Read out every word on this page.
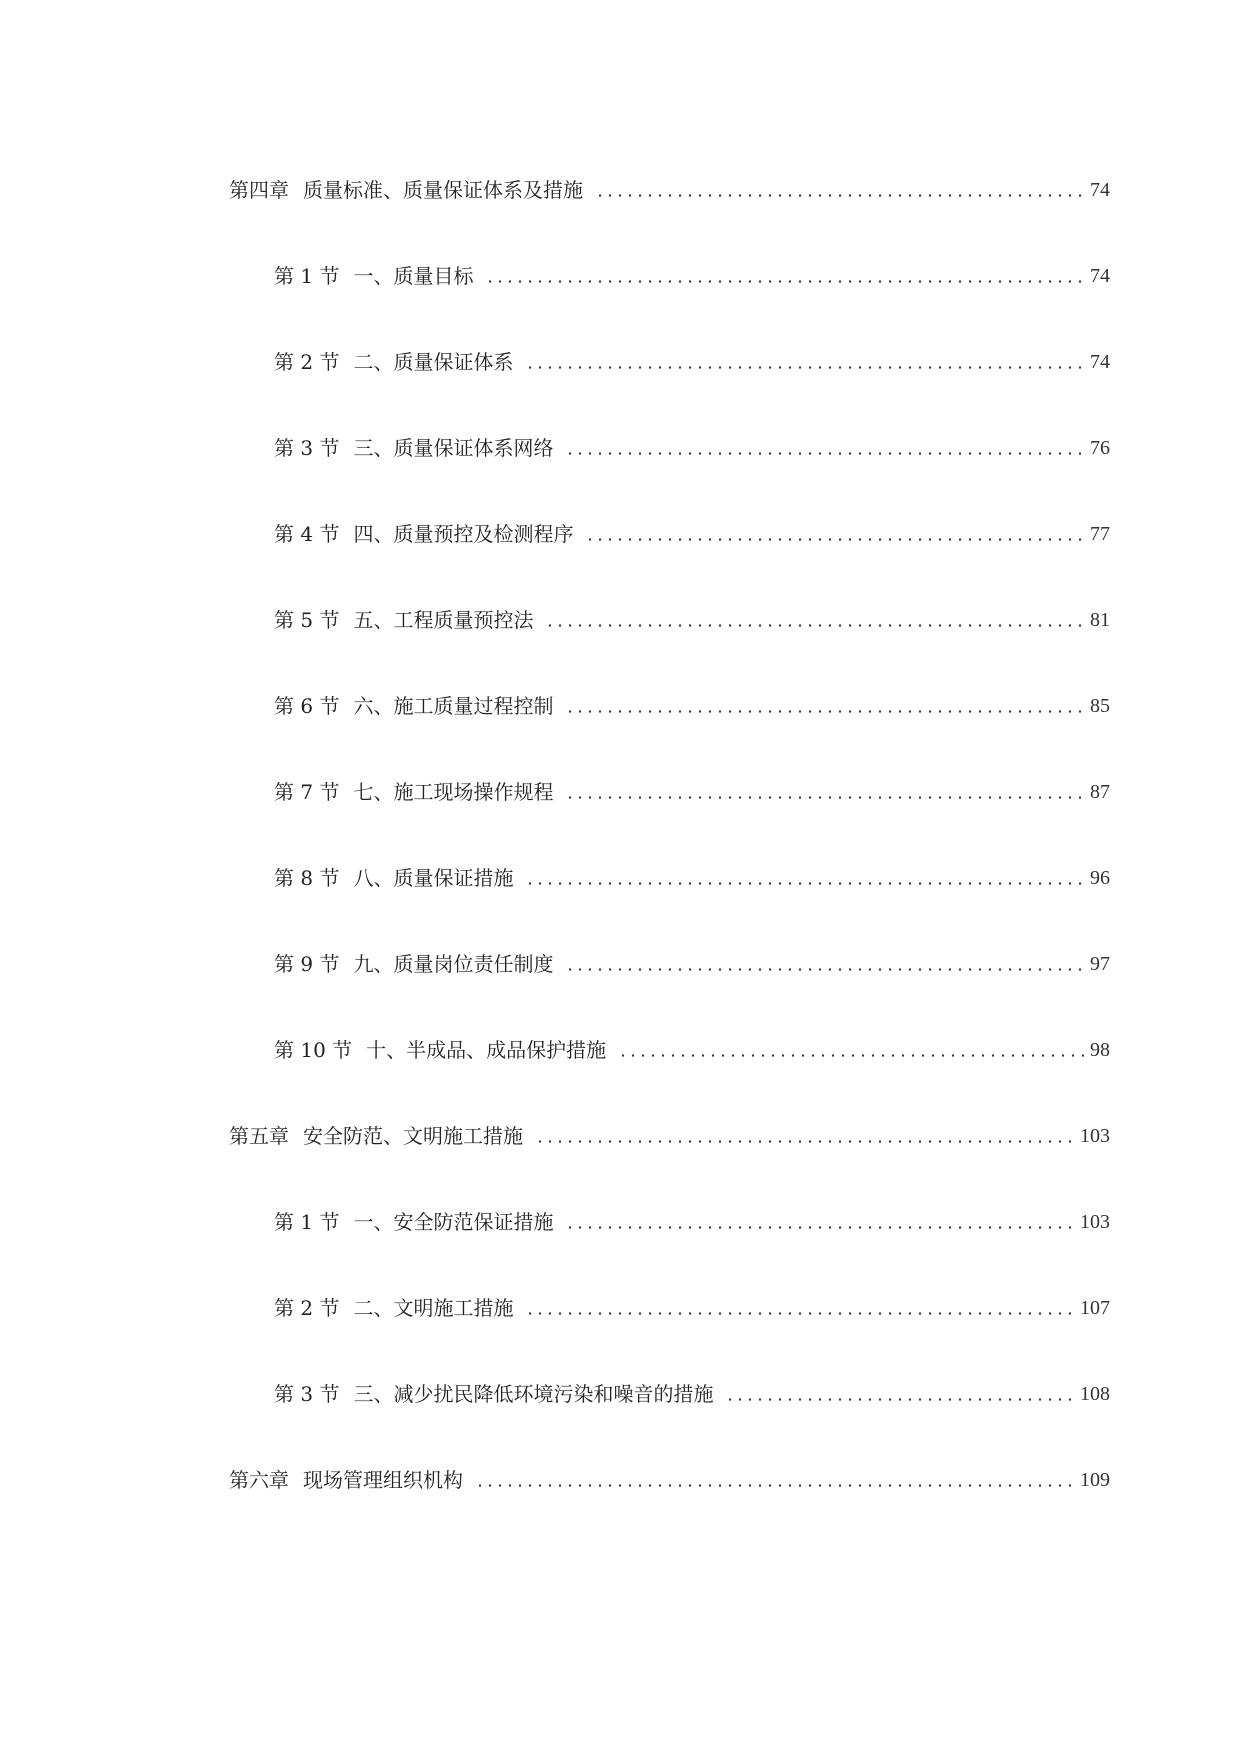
第四章 质量标准、质量保证体系及措施	74
第 1 节 一、质量目标	74
第 2 节 二、质量保证体系	74
第 3 节 三、质量保证体系网络	76
第 4 节 四、质量预控及检测程序	77
第 5 节 五、工程质量预控法	81
第 6 节 六、施工质量过程控制	85
第 7 节 七、施工现场操作规程	87
第 8 节 八、质量保证措施	96
第 9 节 九、质量岗位责任制度	97
第 10 节 十、半成品、成品保护措施	98
第五章 安全防范、文明施工措施	103
第 1 节 一、安全防范保证措施	103
第 2 节 二、文明施工措施	107
第 3 节 三、减少扰民降低环境污染和噪音的措施	108
第六章 现场管理组织机构	109
